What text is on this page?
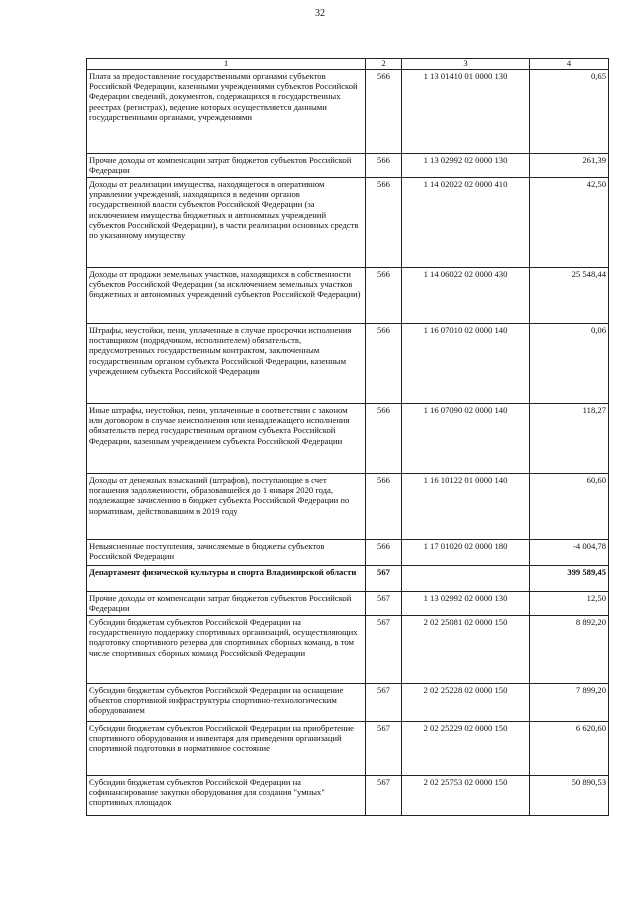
32
1	2	3	4
Плата за предоставление государственными органами субъектов Российской Федерации, казенными учреждениями субъектов Российской Федерации сведений, документов, содержащихся в государственных реестрах (регистрах), ведение которых осуществляется данными государственными органами, учреждениями	566	1 13 01410 01 0000 130	0,65
Прочие доходы от компенсации затрат бюджетов субъектов Российской Федерации	566	1 13 02992 02 0000 130	261,39
Доходы от реализации имущества, находящегося в оперативном управлении учреждений, находящихся в ведении органов государственной власти субъектов Российской Федерации (за исключением имущества бюджетных и автономных учреждений субъектов Российской Федерации), в части реализации основных средств по указанному имуществу	566	1 14 02022 02 0000 410	42,50
Доходы от продажи земельных участков, находящихся в собственности субъектов Российской Федерации (за исключением земельных участков бюджетных и автономных учреждений субъектов Российской Федерации)	566	1 14 06022 02 0000 430	25 548,44
Штрафы, неустойки, пени, уплаченные в случае просрочки исполнения поставщиком (подрядчиком, исполнителем) обязательств, предусмотренных государственным контрактом, заключенным государственным органом субъекта Российской Федерации, казенным учреждением субъекта Российской Федерации	566	1 16 07010 02 0000 140	0,06
Иные штрафы, неустойки, пени, уплаченные в соответствии с законом или договором в случае неисполнения или ненадлежащего исполнения обязательств перед государственным органом субъекта Российской Федерации, казенным учреждением субъекта Российской Федерации	566	1 16 07090 02 0000 140	118,27
Доходы от денежных взысканий (штрафов), поступающие в счет погашения задолженности, образовавшейся до 1 января 2020 года, подлежащие зачислению в бюджет субъекта Российской Федерации по нормативам, действовавшим в 2019 году	566	1 16 10122 01 0000 140	60,60
Невыясненные поступления, зачисляемые в бюджеты субъектов Российской Федерации	566	1 17 01020 02 0000 180	-4 004,78
Департамент физической культуры и спорта Владимирской области	567		399 589,45
Прочие доходы от компенсации затрат бюджетов субъектов Российской Федерации	567	1 13 02992 02 0000 130	12,50
Субсидии бюджетам субъектов Российской Федерации на государственную поддержку спортивных организаций, осуществляющих подготовку спортивного резерва для спортивных сборных команд, в том числе спортивных сборных команд Российской Федерации	567	2 02 25081 02 0000 150	8 892,20
Субсидии бюджетам субъектов Российской Федерации на оснащение объектов спортивной инфраструктуры спортивно-технологическим оборудованием	567	2 02 25228 02 0000 150	7 899,20
Субсидии бюджетам субъектов Российской Федерации на приобретение спортивного оборудования и инвентаря для приведения организаций спортивной подготовки в нормативное состояние	567	2 02 25229 02 0000 150	6 620,60
Субсидии бюджетам субъектов Российской Федерации на софинансирование закупки оборудования для создания "умных" спортивных площадок	567	2 02 25753 02 0000 150	50 890,53
